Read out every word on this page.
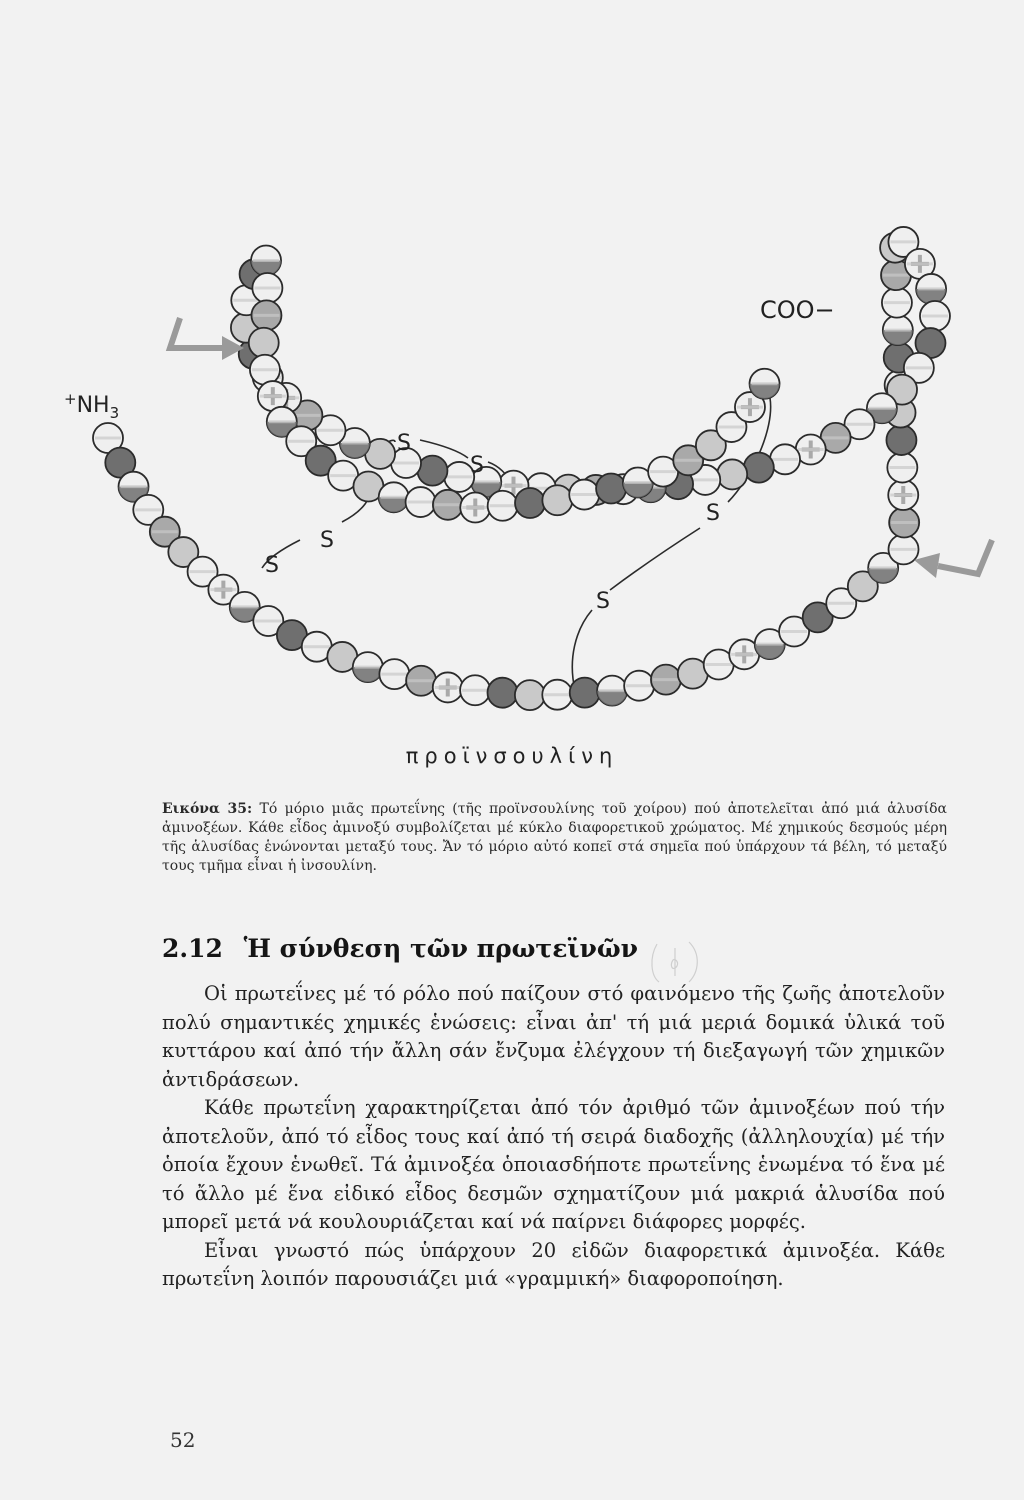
$^+NH_3$
COO−
S
S
S
S
S
S
προϊνσουλίνη
Εικόνα 35: Τό μόριο μιᾶς πρωτεΐνης (τῆς προϊνσουλίνης τοῦ χοίρου) πού ἀποτελεῖται ἀπό μιά ἁλυσίδα ἀμινοξέων. Κάθε εἶδος ἀμινοξύ συμβολίζεται μέ κύκλο διαφορετικοῦ χρώματος. Μέ χημικούς δεσμούς μέρη τῆς ἁλυσίδας ἑνώνονται μεταξύ τους. Ἄν τό μόριο αὐτό κοπεῖ στά σημεῖα πού ὑπάρχουν τά βέλη, τό μεταξύ τους τμῆμα εἶναι ἡ ἰνσουλίνη.
2.12 Ἡ σύνθεση τῶν πρωτεϊνῶν

Οἱ πρωτεΐνες μέ τό ρόλο πού παίζουν στό φαινόμενο τῆς ζωῆς ἀποτελοῦν πολύ σημαντικές χημικές ἑνώσεις: εἶναι ἀπ' τή μιά μεριά δομικά ὑλικά τοῦ κυττάρου καί ἀπό τήν ἄλλη σάν ἔνζυμα ἐλέγχουν τή διεξαγωγή τῶν χημικῶν ἀντιδράσεων.

Κάθε πρωτεΐνη χαρακτηρίζεται ἀπό τόν ἀριθμό τῶν ἀμινοξέων πού τήν ἀποτελοῦν, ἀπό τό εἶδος τους καί ἀπό τή σειρά διαδοχῆς (ἀλληλουχία) μέ τήν ὁποία ἔχουν ἑνωθεῖ. Τά ἀμινοξέα ὁποιασδήποτε πρωτεΐνης ἑνωμένα τό ἕνα μέ τό ἄλλο μέ ἕνα εἰδικό εἶδος δεσμῶν σχηματίζουν μιά μακριά ἁλυσίδα πού μπορεῖ μετά νά κουλουριάζεται καί νά παίρνει διάφορες μορφές.

Εἶναι γνωστό πώς ὑπάρχουν 20 εἰδῶν διαφορετικά ἀμινοξέα. Κάθε πρωτεΐνη λοιπόν παρουσιάζει μιά «γραμμική» διαφοροποίηση.

52
